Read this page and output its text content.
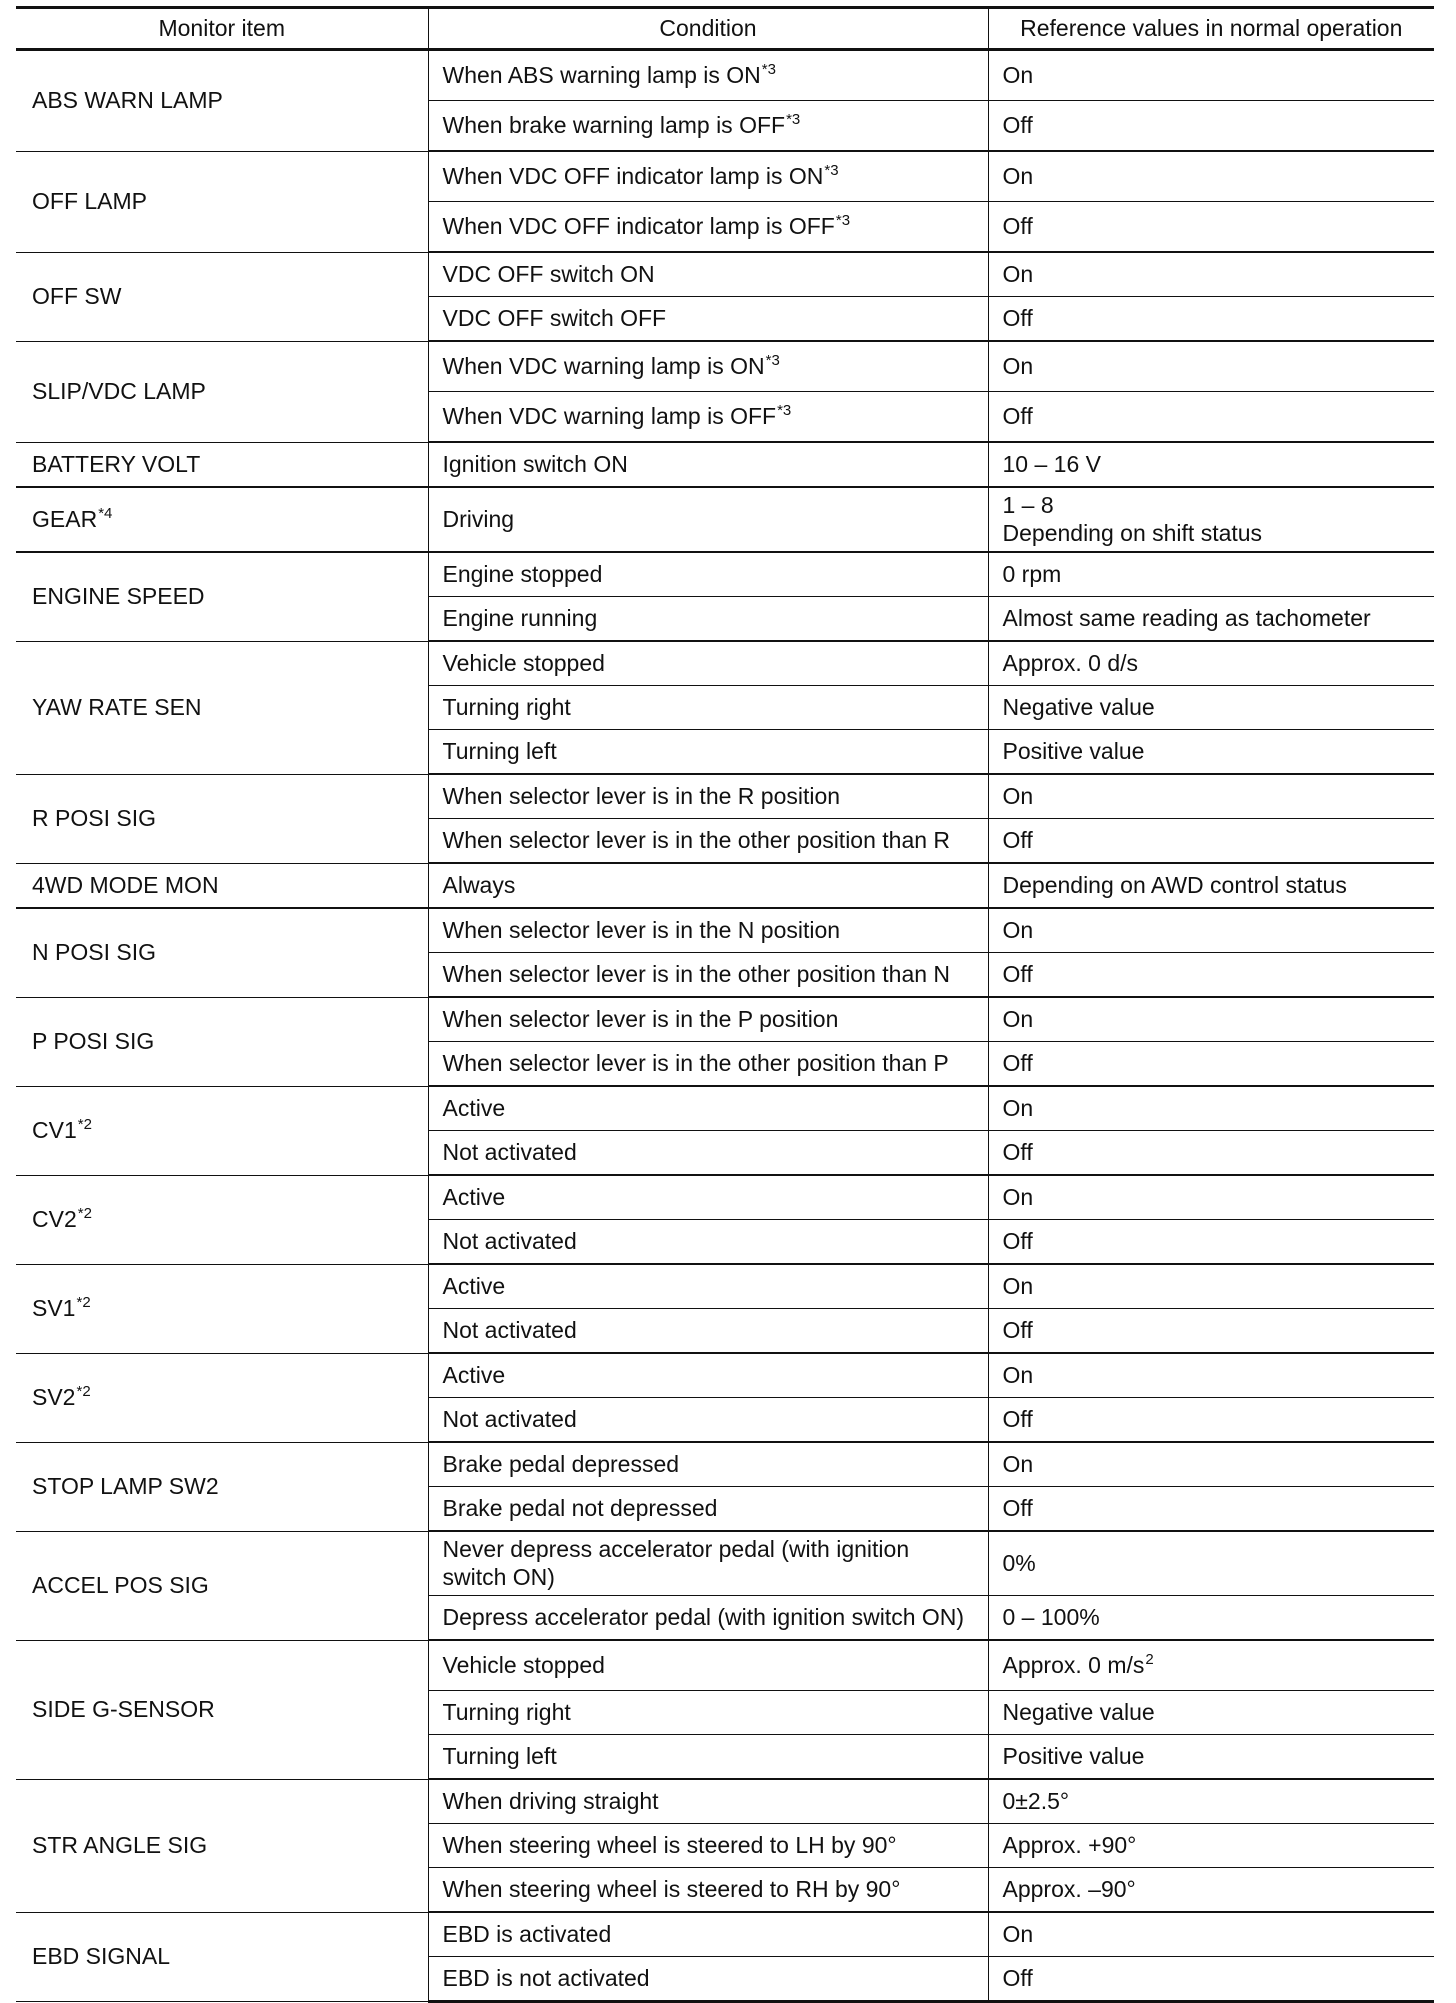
Monitor item	Condition	Reference values in normal operation
ABS WARN LAMP	When ABS warning lamp is ON$^{*3}$	On
	When brake warning lamp is OFF$^{*3}$	Off
OFF LAMP	When VDC OFF indicator lamp is ON$^{*3}$	On
	When VDC OFF indicator lamp is OFF$^{*3}$	Off
OFF SW	VDC OFF switch ON	On
	VDC OFF switch OFF	Off
SLIP/VDC LAMP	When VDC warning lamp is ON$^{*3}$	On
	When VDC warning lamp is OFF$^{*3}$	Off
BATTERY VOLT	Ignition switch ON	10 – 16 V
GEAR$^{*4}$	Driving	1 – 8
Depending on shift status
ENGINE SPEED	Engine stopped	0 rpm
	Engine running	Almost same reading as tachometer
YAW RATE SEN	Vehicle stopped	Approx. 0 d/s
	Turning right	Negative value
	Turning left	Positive value
R POSI SIG	When selector lever is in the R position	On
	When selector lever is in the other position than R	Off
4WD MODE MON	Always	Depending on AWD control status
N POSI SIG	When selector lever is in the N position	On
	When selector lever is in the other position than N	Off
P POSI SIG	When selector lever is in the P position	On
	When selector lever is in the other position than P	Off
CV1$^{*2}$	Active	On
	Not activated	Off
CV2$^{*2}$	Active	On
	Not activated	Off
SV1$^{*2}$	Active	On
	Not activated	Off
SV2$^{*2}$	Active	On
	Not activated	Off
STOP LAMP SW2	Brake pedal depressed	On
	Brake pedal not depressed	Off
ACCEL POS SIG	Never depress accelerator pedal (with ignition
switch ON)	0%
	Depress accelerator pedal (with ignition switch ON)	0 – 100%
SIDE G-SENSOR	Vehicle stopped	Approx. 0 $m/s^2$
	Turning right	Negative value
	Turning left	Positive value
STR ANGLE SIG	When driving straight	0±2.5°
	When steering wheel is steered to LH by 90°	Approx. +90°
	When steering wheel is steered to RH by 90°	Approx. –90°
EBD SIGNAL	EBD is activated	On
	EBD is not activated	Off
